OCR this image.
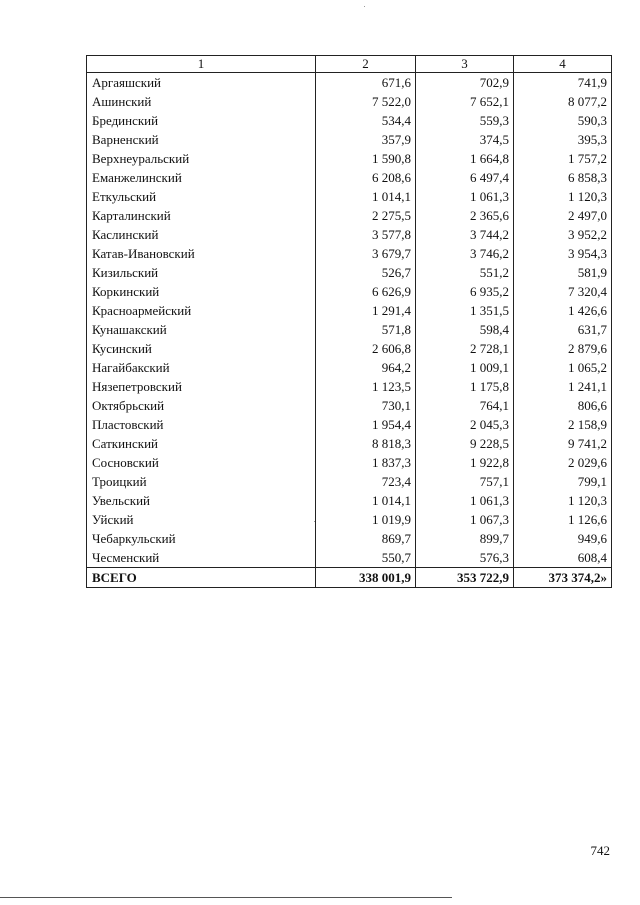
1	2	3	4
Аргаяшский	671,6	702,9	741,9
Ашинский	7 522,0	7 652,1	8 077,2
Брединский	534,4	559,3	590,3
Варненский	357,9	374,5	395,3
Верхнеуральский	1 590,8	1 664,8	1 757,2
Еманжелинский	6 208,6	6 497,4	6 858,3
Еткульский	1 014,1	1 061,3	1 120,3
Карталинский	2 275,5	2 365,6	2 497,0
Каслинский	3 577,8	3 744,2	3 952,2
Катав-Ивановский	3 679,7	3 746,2	3 954,3
Кизильский	526,7	551,2	581,9
Коркинский	6 626,9	6 935,2	7 320,4
Красноармейский	1 291,4	1 351,5	1 426,6
Кунашакский	571,8	598,4	631,7
Кусинский	2 606,8	2 728,1	2 879,6
Нагайбакский	964,2	1 009,1	1 065,2
Нязепетровский	1 123,5	1 175,8	1 241,1
Октябрьский	730,1	764,1	806,6
Пластовский	1 954,4	2 045,3	2 158,9
Саткинский	8 818,3	9 228,5	9 741,2
Сосновский	1 837,3	1 922,8	2 029,6
Троицкий	723,4	757,1	799,1
Увельский	1 014,1	1 061,3	1 120,3
Уйский	1 019,9	1 067,3	1 126,6
Чебаркульский	869,7	899,7	949,6
Чесменский	550,7	576,3	608,4
ВСЕГО	338 001,9	353 722,9	373 374,2»
742
